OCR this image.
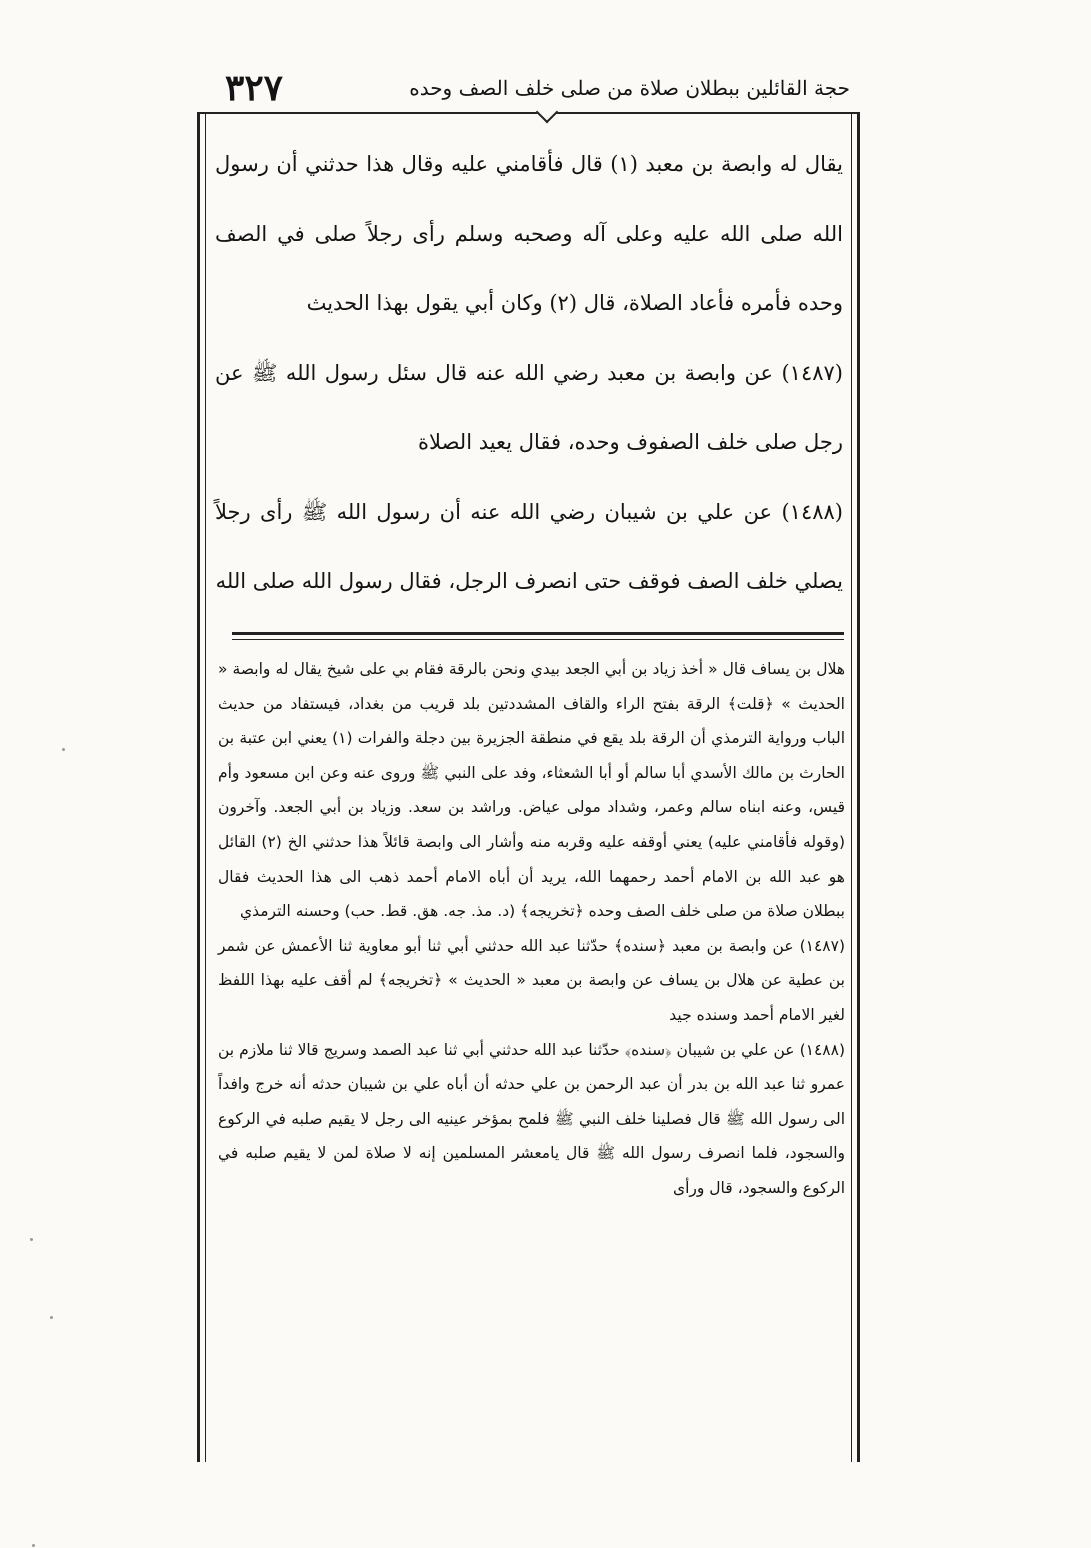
٣٢٧	حجة القائلين ببطلان صلاة من صلى خلف الصف وحده

يقال له وابصة بن معبد (١) قال فأقامني عليه وقال هذا حدثني أن رسول الله صلى الله عليه وعلى آله وصحبه وسلم رأى رجلاً صلى في الصف وحده فأمره فأعاد الصلاة، قال (٢) وكان أبي يقول بهذا الحديث

(١٤٨٧) عن وابصة بن معبد رضي الله عنه قال سئل رسول الله ﷺ عن رجل صلى خلف الصفوف وحده، فقال يعيد الصلاة

(١٤٨٨) عن علي بن شيبان رضي الله عنه أن رسول الله ﷺ رأى رجلاً يصلي خلف الصف فوقف حتى انصرف الرجل، فقال رسول الله صلى الله

هلال بن يساف قال « أخذ زياد بن أبي الجعد بيدي ونحن بالرقة فقام بي على شيخ يقال له وابصة « الحديث » ﴿قلت﴾ الرقة بفتح الراء والقاف المشددتين بلد قريب من بغداد، فيستفاد من حديث الباب ورواية الترمذي أن الرقة بلد يقع في منطقة الجزيرة بين دجلة والفرات (١) يعني ابن عتبة بن الحارث بن مالك الأسدي أبا سالم أو أبا الشعثاء، وفد على النبي ﷺ وروى عنه وعن ابن مسعود وأم قيس، وعنه ابناه سالم وعمر، وشداد مولى عياض. وراشد بن سعد. وزياد بن أبي الجعد. وآخرون (وقوله فأقامني عليه) يعني أوقفه عليه وقربه منه وأشار الى وابصة قائلاً هذا حدثني الخ (٢) القائل هو عبد الله بن الامام أحمد رحمهما الله، يريد أن أباه الامام أحمد ذهب الى هذا الحديث فقال ببطلان صلاة من صلى خلف الصف وحده ﴿تخريجه﴾ (د. مذ. جه. هق. قط. حب) وحسنه الترمذي

(١٤٨٧) عن وابصة بن معبد ﴿سنده﴾ حدّثنا عبد الله حدثني أبي ثنا أبو معاوية ثنا الأعمش عن شمر بن عطية عن هلال بن يساف عن وابصة بن معبد « الحديث » ﴿تخريجه﴾ لم أقف عليه بهذا اللفظ لغير الامام أحمد وسنده جيد

(١٤٨٨) عن علي بن شيبان ﴿سنده﴾ حدّثنا عبد الله حدثني أبي ثنا عبد الصمد وسريج قالا ثنا ملازم بن عمرو ثنا عبد الله بن بدر أن عبد الرحمن بن علي حدثه أن أباه علي بن شيبان حدثه أنه خرج وافداً الى رسول الله ﷺ قال فصلينا خلف النبي ﷺ فلمح بمؤخر عينيه الى رجل لا يقيم صلبه في الركوع والسجود، فلما انصرف رسول الله ﷺ قال يامعشر المسلمين إنه لا صلاة لمن لا يقيم صلبه في الركوع والسجود، قال ورأى
